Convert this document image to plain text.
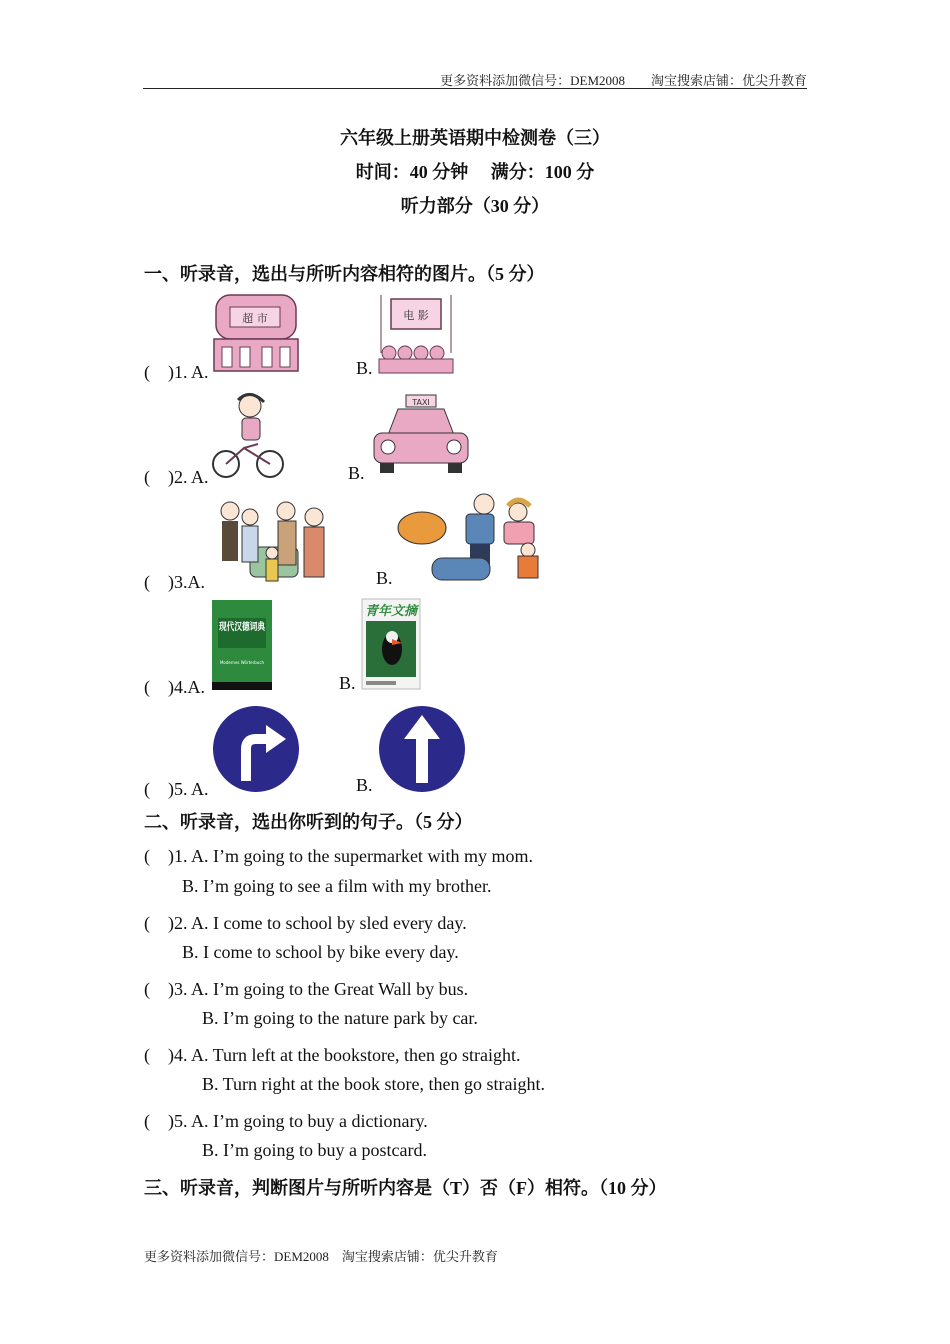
更多资料添加微信号：DEM2008　　淘宝搜索店铺：优尖升教育
六年级上册英语期中检测卷（三）
时间：40 分钟　 满分：100 分
听力部分（30 分）
一、听录音，选出与所听内容相符的图片。（5 分）
(　)1. A.
超 市
B.
电 影
(　)2. A.	B.
TAXI
(　)3.A.	B.
(　)4.A.
现代汉德词典
Modernes Wörterbuch
B.
青年文摘
(　)5. A.	B.
二、听录音，选出你听到的句子。（5 分）
(　)1. A. I’m going to the supermarket with my mom.
B. I’m going to see a film with my brother.
(　)2. A. I come to school by sled every day.
B. I come to school by bike every day.
(　)3. A. I’m going to the Great Wall by bus.
B. I’m going to the nature park by car.
(　)4. A. Turn left at the bookstore, then go straight.
B. Turn right at the book store, then go straight.
(　)5. A. I’m going to buy a dictionary.
B. I’m going to buy a postcard.
三、听录音，判断图片与所听内容是（T）否（F）相符。（10 分）
更多资料添加微信号：DEM2008　淘宝搜索店铺：优尖升教育
